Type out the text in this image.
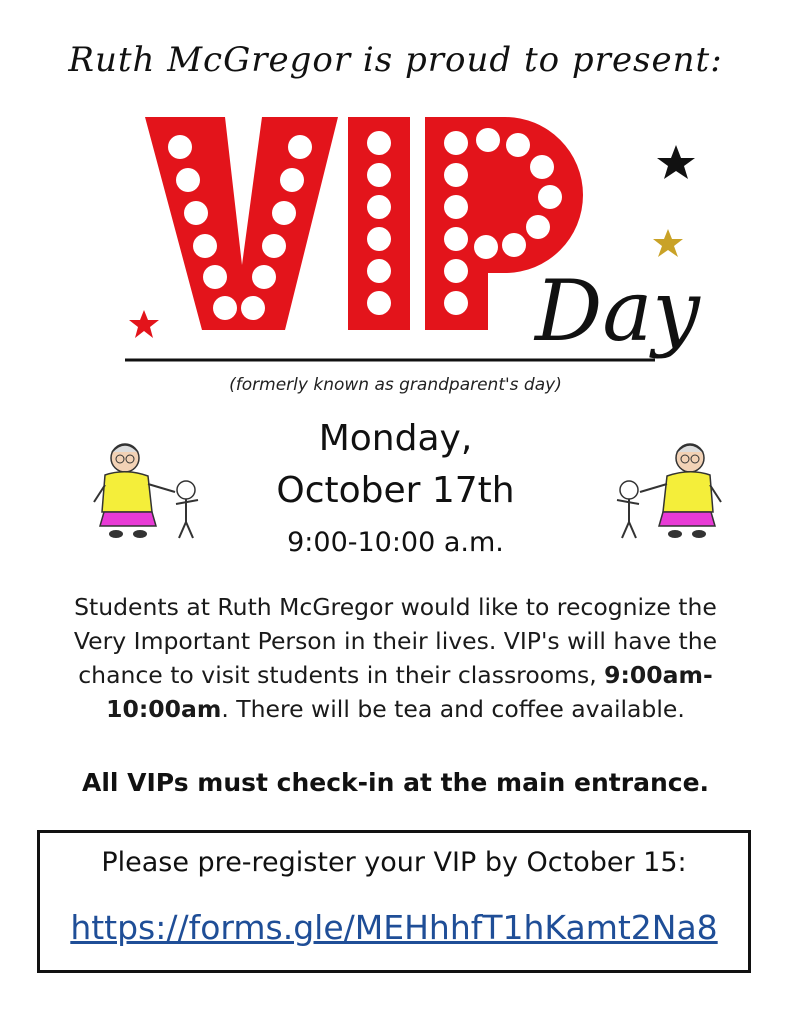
Ruth McGregor is proud to present:
Day
(formerly known as grandparent's day)
Monday,
October 17th
9:00-10:00 a.m.
Students at Ruth McGregor would like to recognize the Very Important Person in their lives. VIP's will have the chance to visit students in their classrooms, 9:00am-10:00am. There will be tea and coffee available.
All VIPs must check-in at the main entrance.
Please pre-register your VIP by October 15:
https://forms.gle/MEHhhfT1hKamt2Na8
